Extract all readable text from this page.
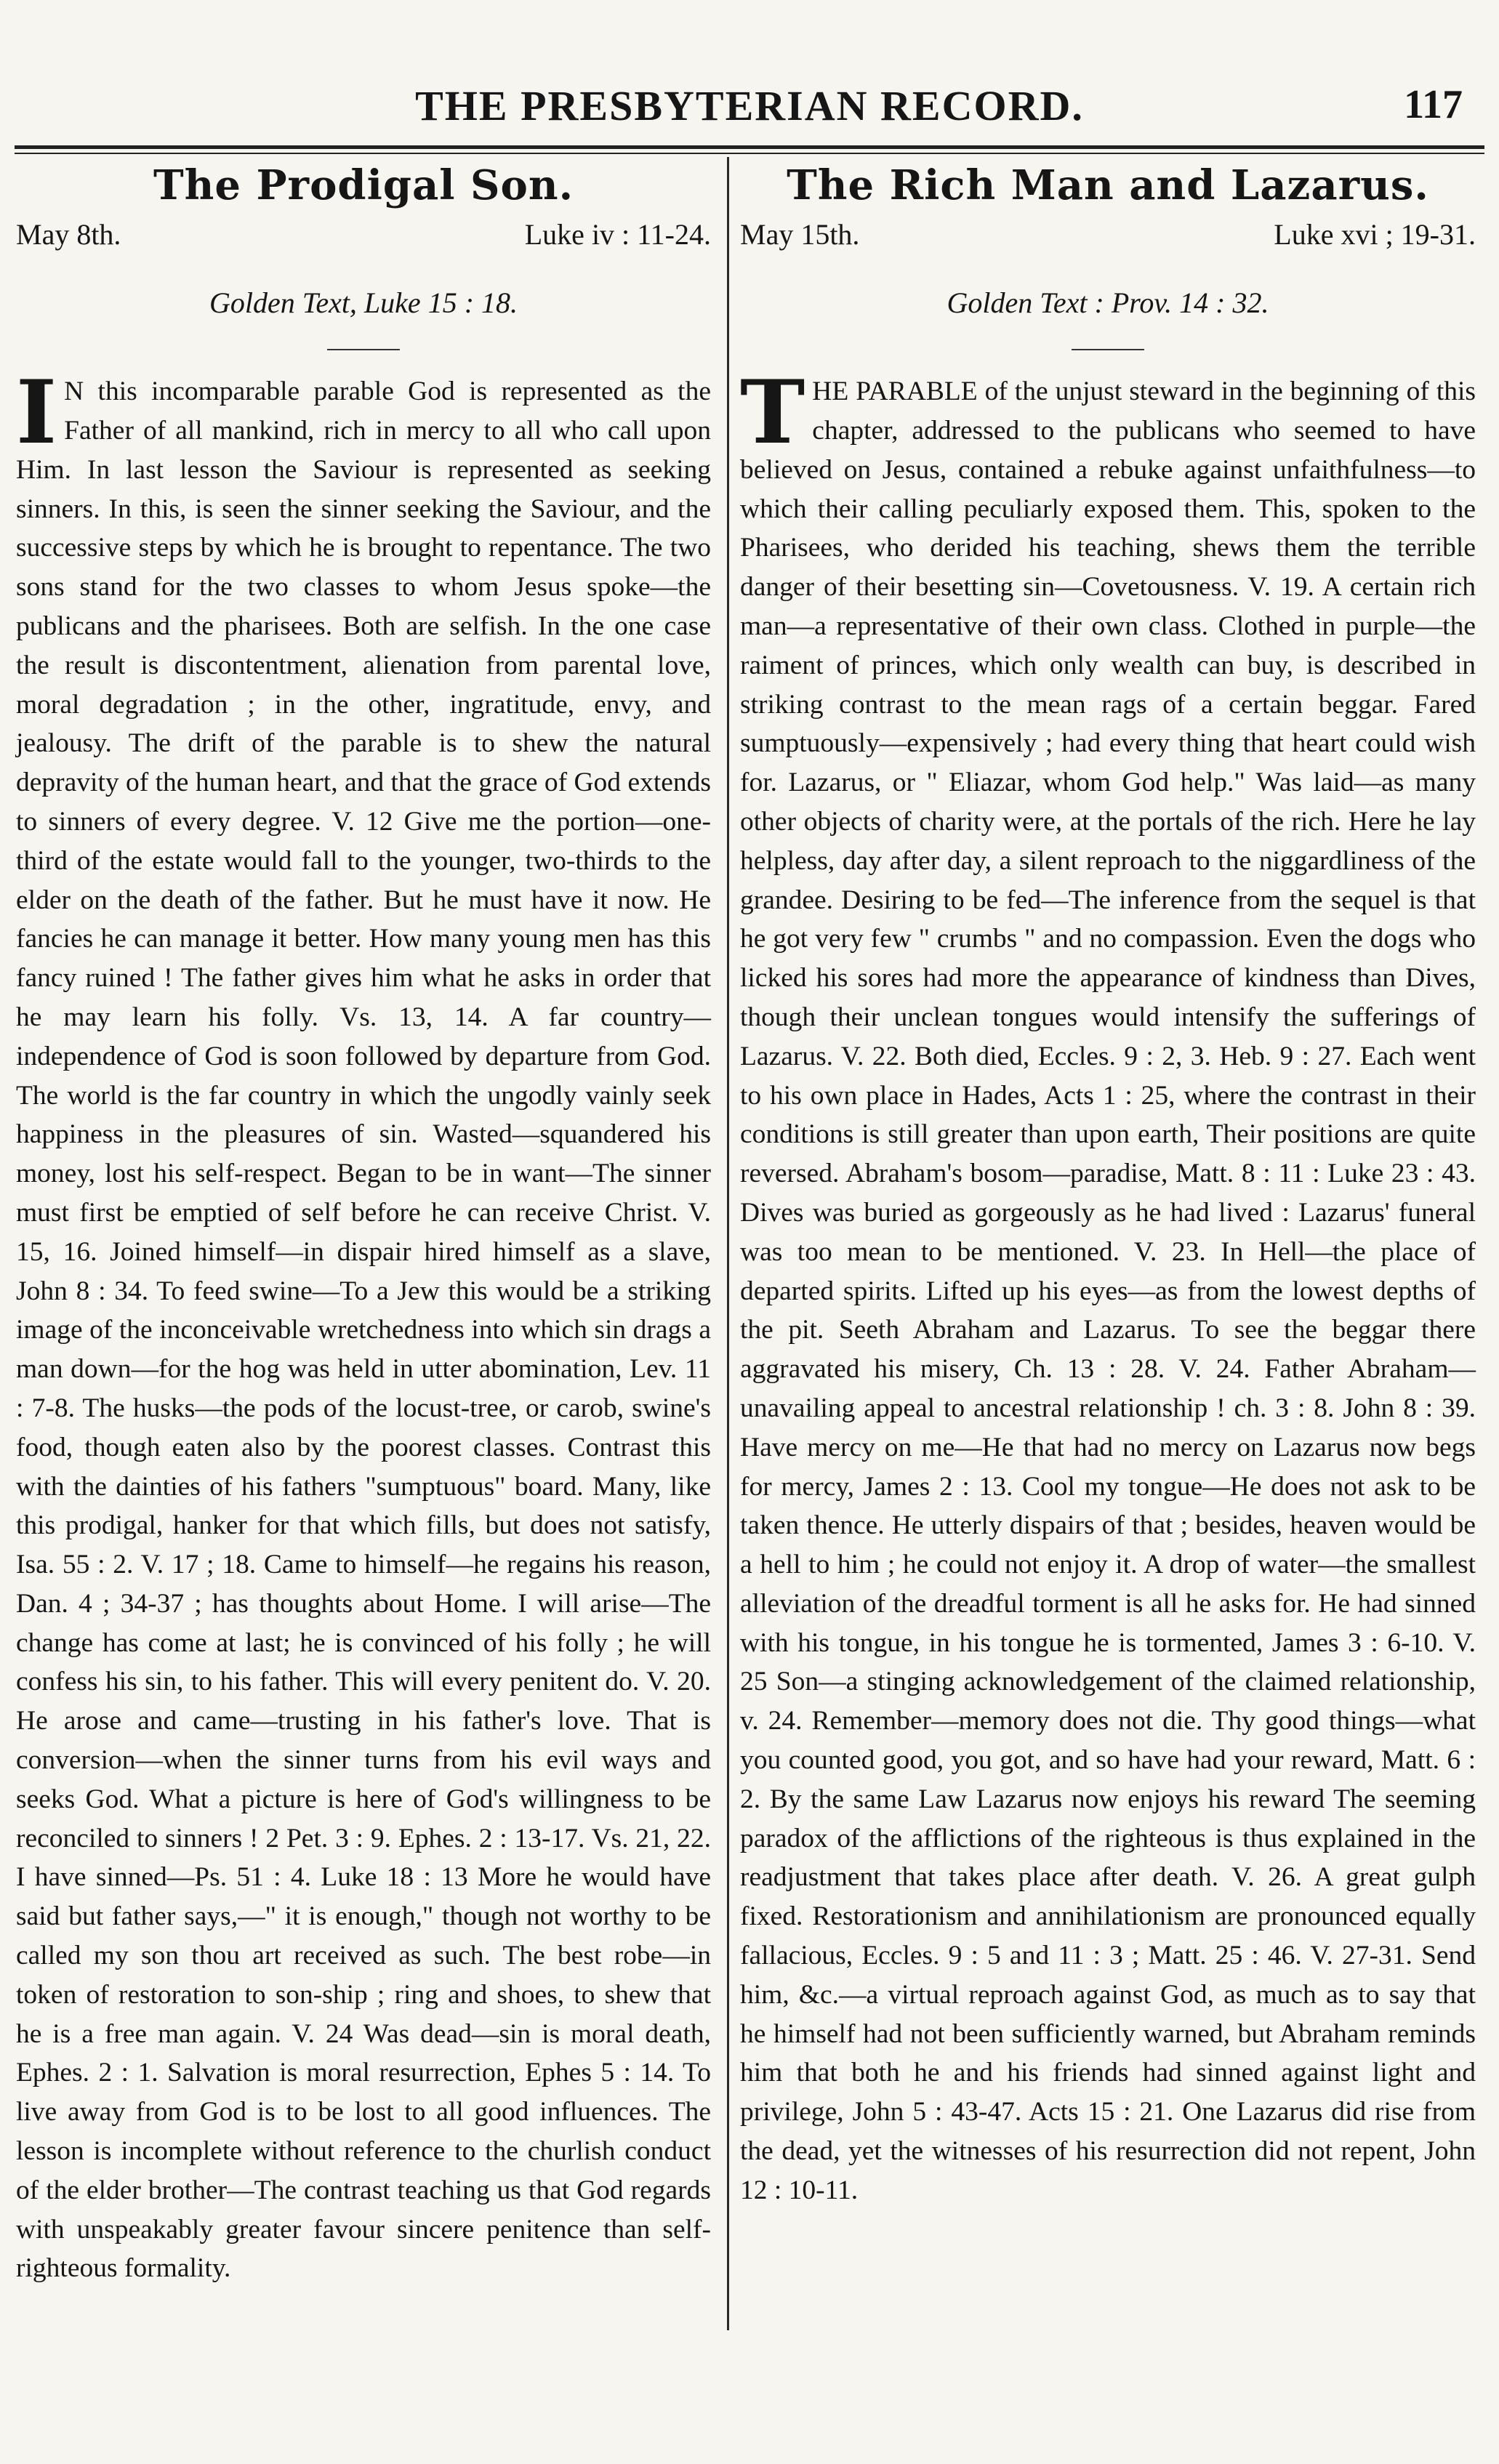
THE PRESBYTERIAN RECORD.	117
The Prodigal Son.
May 8th.	Luke iv : 11-24.
Golden Text, Luke 15 : 18.
I N this incomparable parable God is represented as the Father of all mankind, rich in mercy to all who call upon Him. In last lesson the Saviour is represented as seeking sinners. In this, is seen the sinner seeking the Saviour, and the successive steps by which he is brought to repentance. The two sons stand for the two classes to whom Jesus spoke—the publicans and the pharisees. Both are selfish. In the one case the result is discontentment, alienation from parental love, moral degradation ; in the other, ingratitude, envy, and jealousy. The drift of the parable is to shew the natural depravity of the human heart, and that the grace of God extends to sinners of every degree. V. 12 Give me the portion—one-third of the estate would fall to the younger, two-thirds to the elder on the death of the father. But he must have it now. He fancies he can manage it better. How many young men has this fancy ruined ! The father gives him what he asks in order that he may learn his folly. Vs. 13, 14. A far country—independence of God is soon followed by departure from God. The world is the far country in which the ungodly vainly seek happiness in the pleasures of sin. Wasted—squandered his money, lost his self-respect. Began to be in want—The sinner must first be emptied of self before he can receive Christ. V. 15, 16. Joined himself—in dispair hired himself as a slave, John 8 : 34. To feed swine—To a Jew this would be a striking image of the inconceivable wretchedness into which sin drags a man down—for the hog was held in utter abomination, Lev. 11 : 7-8. The husks—the pods of the locust-tree, or carob, swine's food, though eaten also by the poorest classes. Contrast this with the dainties of his fathers "sumptuous" board. Many, like this prodigal, hanker for that which fills, but does not satisfy, Isa. 55 : 2. V. 17 ; 18. Came to himself—he regains his reason, Dan. 4 ; 34-37 ; has thoughts about Home. I will arise—The change has come at last; he is convinced of his folly ; he will confess his sin, to his father. This will every penitent do. V. 20. He arose and came—trusting in his father's love. That is conversion—when the sinner turns from his evil ways and seeks God. What a picture is here of God's willingness to be reconciled to sinners ! 2 Pet. 3 : 9. Ephes. 2 : 13-17. Vs. 21, 22. I have sinned—Ps. 51 : 4. Luke 18 : 13 More he would have said but father says,—" it is enough," though not worthy to be called my son thou art received as such. The best robe—in token of restoration to son-ship ; ring and shoes, to shew that he is a free man again. V. 24 Was dead—sin is moral death, Ephes. 2 : 1. Salvation is moral resurrection, Ephes 5 : 14. To live away from God is to be lost to all good influences. The lesson is incomplete without reference to the churlish conduct of the elder brother—The contrast teaching us that God regards with unspeakably greater favour sincere penitence than self-righteous formality.
The Rich Man and Lazarus.
May 15th.	Luke xvi ; 19-31.
Golden Text : Prov. 14 : 32.
T HE PARABLE of the unjust steward in the beginning of this chapter, addressed to the publicans who seemed to have believed on Jesus, contained a rebuke against unfaithfulness—to which their calling peculiarly exposed them. This, spoken to the Pharisees, who derided his teaching, shews them the terrible danger of their besetting sin—Covetousness. V. 19. A certain rich man—a representative of their own class. Clothed in purple—the raiment of princes, which only wealth can buy, is described in striking contrast to the mean rags of a certain beggar. Fared sumptuously—expensively ; had every thing that heart could wish for. Lazarus, or " Eliazar, whom God help." Was laid—as many other objects of charity were, at the portals of the rich. Here he lay helpless, day after day, a silent reproach to the niggardliness of the grandee. Desiring to be fed—The inference from the sequel is that he got very few " crumbs " and no compassion. Even the dogs who licked his sores had more the appearance of kindness than Dives, though their unclean tongues would intensify the sufferings of Lazarus. V. 22. Both died, Eccles. 9 : 2, 3. Heb. 9 : 27. Each went to his own place in Hades, Acts 1 : 25, where the contrast in their conditions is still greater than upon earth, Their positions are quite reversed. Abraham's bosom—paradise, Matt. 8 : 11 : Luke 23 : 43. Dives was buried as gorgeously as he had lived : Lazarus' funeral was too mean to be mentioned. V. 23. In Hell—the place of departed spirits. Lifted up his eyes—as from the lowest depths of the pit. Seeth Abraham and Lazarus. To see the beggar there aggravated his misery, Ch. 13 : 28. V. 24. Father Abraham—unavailing appeal to ancestral relationship ! ch. 3 : 8. John 8 : 39. Have mercy on me—He that had no mercy on Lazarus now begs for mercy, James 2 : 13. Cool my tongue—He does not ask to be taken thence. He utterly dispairs of that ; besides, heaven would be a hell to him ; he could not enjoy it. A drop of water—the smallest alleviation of the dreadful torment is all he asks for. He had sinned with his tongue, in his tongue he is tormented, James 3 : 6-10. V. 25 Son—a stinging acknowledgement of the claimed relationship, v. 24. Remember—memory does not die. Thy good things—what you counted good, you got, and so have had your reward, Matt. 6 : 2. By the same Law Lazarus now enjoys his reward The seeming paradox of the afflictions of the righteous is thus explained in the readjustment that takes place after death. V. 26. A great gulph fixed. Restorationism and annihilationism are pronounced equally fallacious, Eccles. 9 : 5 and 11 : 3 ; Matt. 25 : 46. V. 27-31. Send him, &c.—a virtual reproach against God, as much as to say that he himself had not been sufficiently warned, but Abraham reminds him that both he and his friends had sinned against light and privilege, John 5 : 43-47. Acts 15 : 21. One Lazarus did rise from the dead, yet the witnesses of his resurrection did not repent, John 12 : 10-11.
